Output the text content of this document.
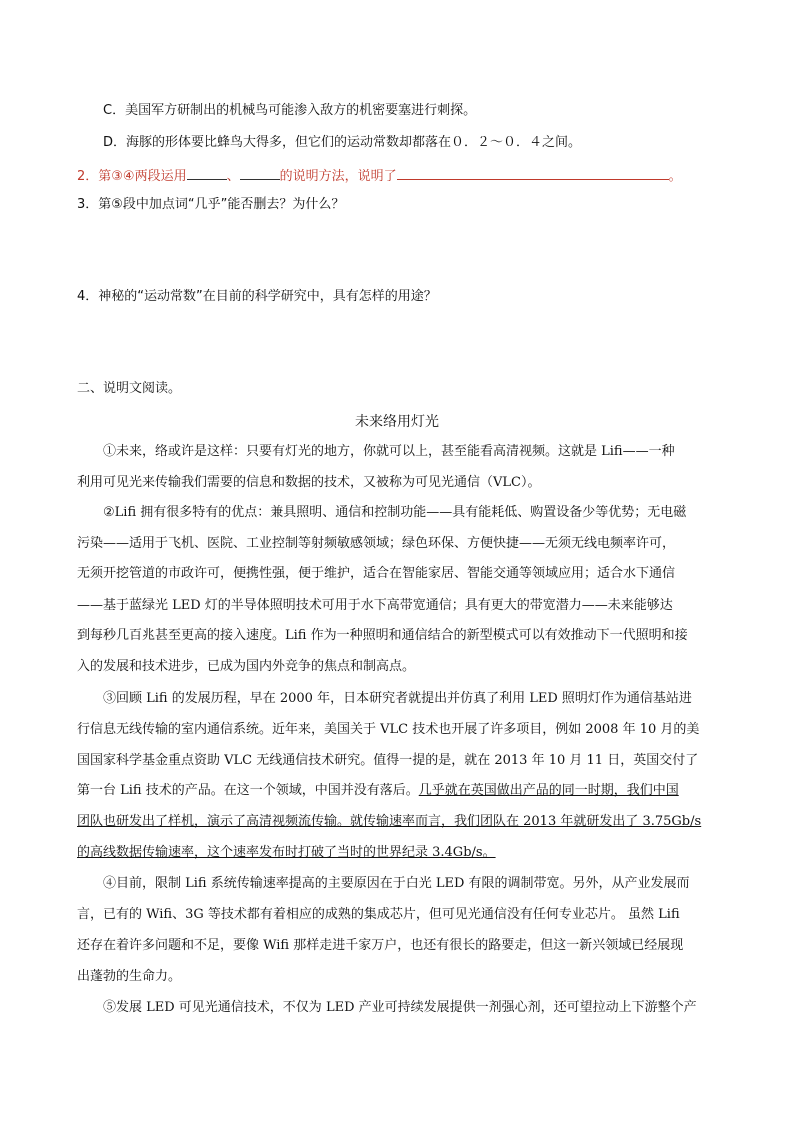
C．美国军方研制出的机械鸟可能渗入敌方的机密要塞进行刺探。
D．海豚的形体要比蜂鸟大得多，但它们的运动常数却都落在０．２～０．４之间。
2．第③④两段运用	、	的说明方法，说明了	。
3．第⑤段中加点词“几乎”能否删去？为什么？
4．神秘的“运动常数”在目前的科学研究中，具有怎样的用途？
二、说明文阅读。
未来络用灯光
①未来，络或许是这样：只要有灯光的地方，你就可以上，甚至能看高清视频。这就是 Lifi——一种
利用可见光来传输我们需要的信息和数据的技术，又被称为可见光通信（VLC）。
②Lifi 拥有很多特有的优点：兼具照明、通信和控制功能——具有能耗低、购置设备少等优势；无电磁
污染——适用于飞机、医院、工业控制等射频敏感领域；绿色环保、方便快捷——无须无线电频率许可，
无须开挖管道的市政许可，便携性强，便于维护，适合在智能家居、智能交通等领域应用；适合水下通信
——基于蓝绿光 LED 灯的半导体照明技术可用于水下高带宽通信；具有更大的带宽潜力——未来能够达
到每秒几百兆甚至更高的接入速度。Lifi 作为一种照明和通信结合的新型模式可以有效推动下一代照明和接
入的发展和技术进步，已成为国内外竞争的焦点和制高点。
③回顾 Lifi 的发展历程，早在 2000 年，日本研究者就提出并仿真了利用 LED 照明灯作为通信基站进
行信息无线传输的室内通信系统。近年来，美国关于 VLC 技术也开展了许多项目，例如 2008 年 10 月的美
国国家科学基金重点资助 VLC 无线通信技术研究。值得一提的是，就在 2013 年 10 月 11 日，英国交付了
第一台 Lifi 技术的产品。在这一个领域，中国并没有落后。几乎就在英国做出产品的同一时期，我们中国
团队也研发出了样机，演示了高清视频流传输。就传输速率而言，我们团队在 2013 年就研发出了 3.75Gb/s
的高线数据传输速率，这个速率发布时打破了当时的世界纪录 3.4Gb/s。
④目前，限制 Lifi 系统传输速率提高的主要原因在于白光 LED 有限的调制带宽。另外，从产业发展而
言，已有的 Wifi、3G 等技术都有着相应的成熟的集成芯片，但可见光通信没有任何专业芯片。 虽然 Lifi
还存在着许多问题和不足，要像 Wifi 那样走进千家万户，也还有很长的路要走，但这一新兴领域已经展现
出蓬勃的生命力。
⑤发展 LED 可见光通信技术，不仅为 LED 产业可持续发展提供一剂强心剂，还可望拉动上下游整个产
